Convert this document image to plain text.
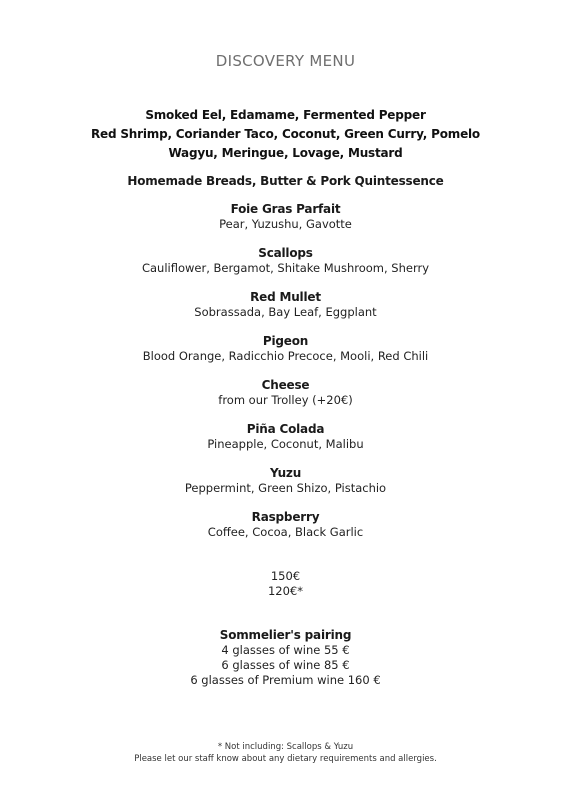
DISCOVERY MENU
Smoked Eel, Edamame, Fermented Pepper
Red Shrimp, Coriander Taco, Coconut, Green Curry, Pomelo
Wagyu, Meringue, Lovage, Mustard
Homemade Breads, Butter & Pork Quintessence
Foie Gras Parfait
Pear, Yuzushu, Gavotte
Scallops
Cauliflower, Bergamot, Shitake Mushroom, Sherry
Red Mullet
Sobrassada, Bay Leaf, Eggplant
Pigeon
Blood Orange, Radicchio Precoce, Mooli, Red Chili
Cheese
from our Trolley (+20€)
Piña Colada
Pineapple, Coconut, Malibu
Yuzu
Peppermint, Green Shizo, Pistachio
Raspberry
Coffee, Cocoa, Black Garlic
150€
120€*
Sommelier's pairing
4 glasses of wine 55 €
6 glasses of wine 85 €
6 glasses of Premium wine 160 €
* Not including: Scallops & Yuzu
Please let our staff know about any dietary requirements and allergies.
